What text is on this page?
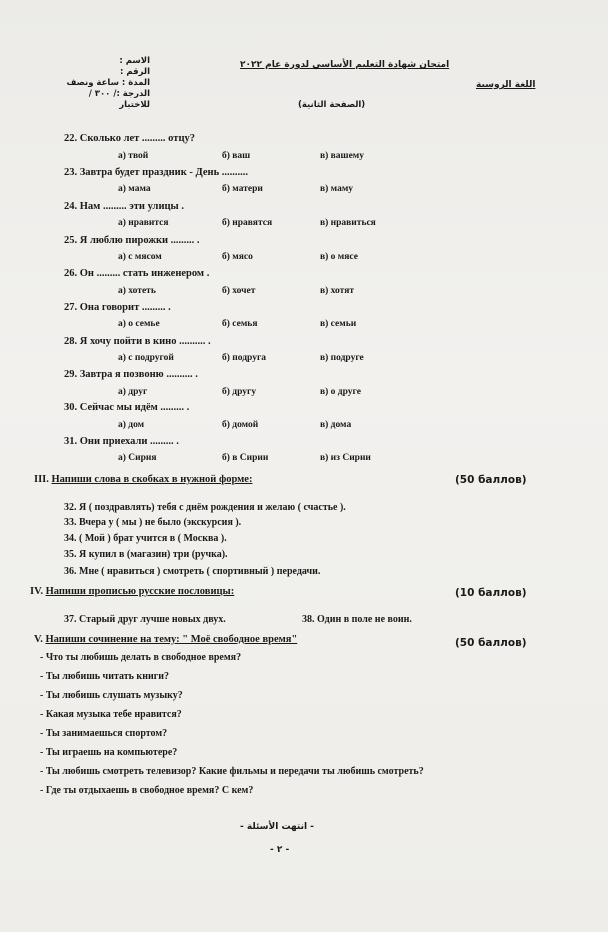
الاسم :
الرقم :
المدة : ساعة ونصف
الدرجة :/ ٣٠٠ / للاختبار
امتحان شهادة التعليم الأساسي لدورة عام ٢٠٢٢
اللغة الروسية
(الصفحة الثانية)
22. Сколько лет ......... отцу?
а) твой	б) ваш	в) вашему
23. Завтра будет праздник - День ..........
а) мама	б) матери	в) маму
24. Нам ......... эти улицы .
а) нравится	б) нравятся	в) нравиться
25. Я люблю пирожки ......... .
а) с мясом	б) мясо	в) о мясе
26. Он ......... стать инженером .
а) хотеть	б) хочет	в) хотят
27. Она говорит ......... .
а) о семье	б) семья	в) семьи
28. Я хочу пойти в кино .......... .
а) с подругой	б) подруга	в) подруге
29. Завтра я позвоню .......... .
а) друг	б) другу	в) о друге
30. Сейчас мы идём ......... .
а) дом	б) домой	в) дома
31. Они приехали ......... .
а) Сирия	б) в Сирии	в) из Сирии
III. Напиши слова в скобках в нужной форме:	(50 баллов)
32. Я ( поздравлять) тебя с днём рождения и желаю ( счастье ).
33. Вчера у ( мы ) не было (экскурсия ).
34. ( Мой ) брат учится в ( Москва ).
35. Я купил в (магазин) три (ручка).
36. Мне ( нравиться ) смотреть ( спортивный ) передачи.
IV. Напиши прописью русские пословицы:	(10 баллов)
37. Старый друг лучше новых двух.	38. Один в поле не воин.
V. Напиши сочинение на тему: " Моё свободное время"	(50 баллов)
- Что ты любишь делать в свободное время?
- Ты любишь читать книги?
- Ты любишь слушать музыку?
- Какая музыка тебе нравится?
- Ты занимаешься спортом?
- Ты играешь на компьютере?
- Ты любишь смотреть телевизор? Какие фильмы и передачи ты любишь смотреть?
- Где ты отдыхаешь в свободное время? С кем?
- انتهت الأسئلة -
- ٢ -
